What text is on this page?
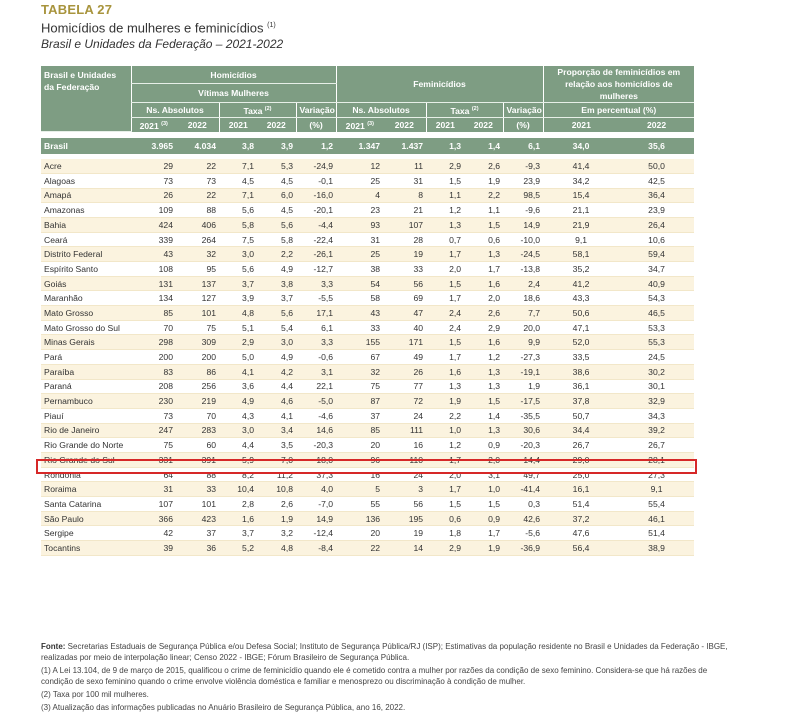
TABELA 27
Homicídios de mulheres e feminicídios $^{(1)}$
Brasil e Unidades da Federação – 2021-2022
Brasil e Unidades da Federação	Homicídios					Feminicídios					Proporção de feminicídios em relação aos homicídios de mulheres	
	Vítimas Mulheres											
	Ns. Absolutos		Taxa $^{(2)}$		Variação	Ns. Absolutos		Taxa $^{(2)}$		Variação	Em percentual (%)	
	2021 $^{(3)}$	2022	2021	2022	(%)	2021 $^{(3)}$	2022	2021	2022	(%)	2021	2022

Brasil	3.965	4.034	3,8	3,9	1,2	1.347	1.437	1,3	1,4	6,1	34,0	35,6

Acre	29	22	7,1	5,3	-24,9	12	11	2,9	2,6	-9,3	41,4	50,0
Alagoas	73	73	4,5	4,5	-0,1	25	31	1,5	1,9	23,9	34,2	42,5
Amapá	26	22	7,1	6,0	-16,0	4	8	1,1	2,2	98,5	15,4	36,4
Amazonas	109	88	5,6	4,5	-20,1	23	21	1,2	1,1	-9,6	21,1	23,9
Bahia	424	406	5,8	5,6	-4,4	93	107	1,3	1,5	14,9	21,9	26,4
Ceará	339	264	7,5	5,8	-22,4	31	28	0,7	0,6	-10,0	9,1	10,6
Distrito Federal	43	32	3,0	2,2	-26,1	25	19	1,7	1,3	-24,5	58,1	59,4
Espírito Santo	108	95	5,6	4,9	-12,7	38	33	2,0	1,7	-13,8	35,2	34,7
Goiás	131	137	3,7	3,8	3,3	54	56	1,5	1,6	2,4	41,2	40,9
Maranhão	134	127	3,9	3,7	-5,5	58	69	1,7	2,0	18,6	43,3	54,3
Mato Grosso	85	101	4,8	5,6	17,1	43	47	2,4	2,6	7,7	50,6	46,5
Mato Grosso do Sul	70	75	5,1	5,4	6,1	33	40	2,4	2,9	20,0	47,1	53,3
Minas Gerais	298	309	2,9	3,0	3,3	155	171	1,5	1,6	9,9	52,0	55,3
Pará	200	200	5,0	4,9	-0,6	67	49	1,7	1,2	-27,3	33,5	24,5
Paraíba	83	86	4,1	4,2	3,1	32	26	1,6	1,3	-19,1	38,6	30,2
Paraná	208	256	3,6	4,4	22,1	75	77	1,3	1,3	1,9	36,1	30,1
Pernambuco	230	219	4,9	4,6	-5,0	87	72	1,9	1,5	-17,5	37,8	32,9
Piauí	73	70	4,3	4,1	-4,6	37	24	2,2	1,4	-35,5	50,7	34,3
Rio de Janeiro	247	283	3,0	3,4	14,6	85	111	1,0	1,3	30,6	34,4	39,2
Rio Grande do Norte	75	60	4,4	3,5	-20,3	20	16	1,2	0,9	-20,3	26,7	26,7
Rio Grande do Sul	331	391	5,9	7,0	18,0	96	110	1,7	2,0	14,4	29,0	28,1
Rondônia	64	88	8,2	11,2	37,3	16	24	2,0	3,1	49,7	25,0	27,3
Roraima	31	33	10,4	10,8	4,0	5	3	1,7	1,0	-41,4	16,1	9,1
Santa Catarina	107	101	2,8	2,6	-7,0	55	56	1,5	1,5	0,3	51,4	55,4
São Paulo	366	423	1,6	1,9	14,9	136	195	0,6	0,9	42,6	37,2	46,1
Sergipe	42	37	3,7	3,2	-12,4	20	19	1,8	1,7	-5,6	47,6	51,4
Tocantins	39	36	5,2	4,8	-8,4	22	14	2,9	1,9	-36,9	56,4	38,9

Fonte: Secretarias Estaduais de Segurança Pública e/ou Defesa Social; Instituto de Segurança Pública/RJ (ISP); Estimativas da população residente no Brasil e Unidades da Federação - IBGE, realizadas por meio de interpolação linear; Censo 2022 - IBGE; Fórum Brasileiro de Segurança Pública.

(1) A Lei 13.104, de 9 de março de 2015, qualificou o crime de feminicídio quando ele é cometido contra a mulher por razões da condição de sexo feminino. Considera-se que há razões de condição de sexo feminino quando o crime envolve violência doméstica e familiar e menosprezo ou discriminação à condição de mulher.

(2) Taxa por 100 mil mulheres.

(3) Atualização das informações publicadas no Anuário Brasileiro de Segurança Pública, ano 16, 2022.
